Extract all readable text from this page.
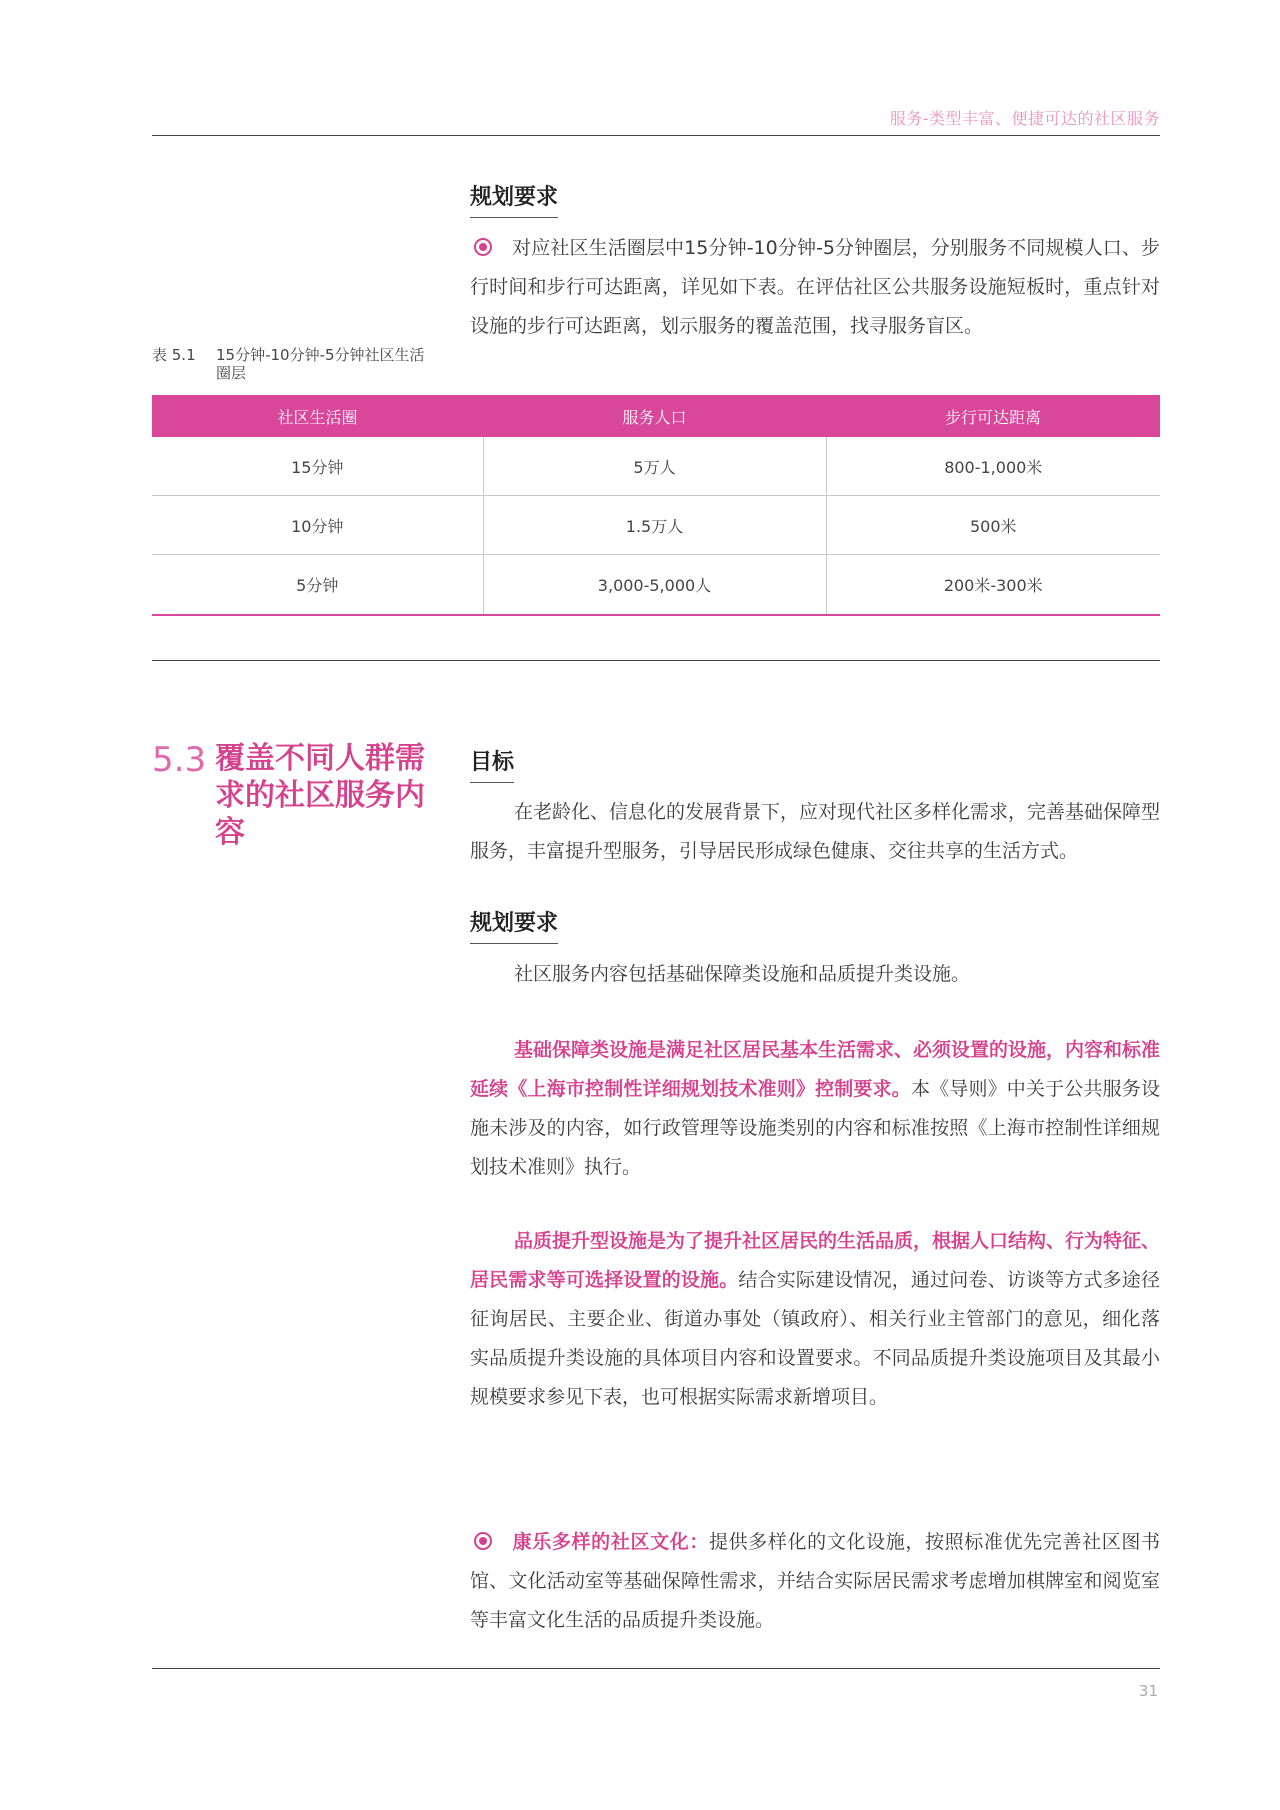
服务-类型丰富、便捷可达的社区服务
规划要求

对应社区生活圈层中15分钟-10分钟-5分钟圈层，分别服务不同规模人口、步行时间和步行可达距离，详见如下表。在评估社区公共服务设施短板时，重点针对设施的步行可达距离，划示服务的覆盖范围，找寻服务盲区。

表 5.1	15分钟-10分钟-5分钟社区生活圈层
社区生活圈	服务人口	步行可达距离
15分钟	5万人	800-1,000米
10分钟	1.5万人	500米
5分钟	3,000-5,000人	200米-300米
5.3 覆盖不同人群需求的社区服务内容
目标

在老龄化、信息化的发展背景下，应对现代社区多样化需求，完善基础保障型服务，丰富提升型服务，引导居民形成绿色健康、交往共享的生活方式。

规划要求

社区服务内容包括基础保障类设施和品质提升类设施。

基础保障类设施是满足社区居民基本生活需求、必须设置的设施，内容和标准延续《上海市控制性详细规划技术准则》控制要求。本《导则》中关于公共服务设施未涉及的内容，如行政管理等设施类别的内容和标准按照《上海市控制性详细规划技术准则》执行。

品质提升型设施是为了提升社区居民的生活品质，根据人口结构、行为特征、居民需求等可选择设置的设施。结合实际建设情况，通过问卷、访谈等方式多途径征询居民、主要企业、街道办事处（镇政府）、相关行业主管部门的意见，细化落实品质提升类设施的具体项目内容和设置要求。不同品质提升类设施项目及其最小规模要求参见下表，也可根据实际需求新增项目。

康乐多样的社区文化：提供多样化的文化设施，按照标准优先完善社区图书馆、文化活动室等基础保障性需求，并结合实际居民需求考虑增加棋牌室和阅览室等丰富文化生活的品质提升类设施。

31
